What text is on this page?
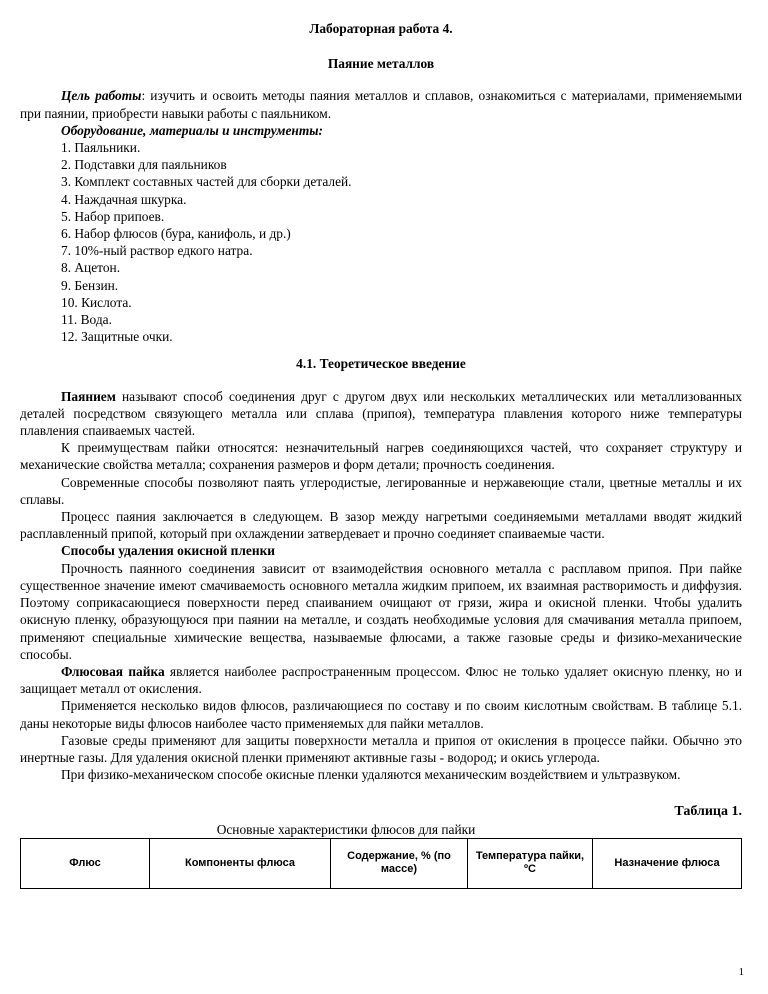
Лабораторная работа 4.
Паяние металлов

Цель работы: изучить и освоить методы паяния металлов и сплавов, ознакомиться с материалами, применяемыми при паянии, приобрести навыки работы с паяльником.

Оборудование, материалы и инструменты:
1. Паяльники.
2. Подставки для паяльников
3. Комплект составных частей для сборки деталей.
4. Наждачная шкурка.
5. Набор припоев.
6. Набор флюсов (бура, канифоль, и др.)
7. 10%-ный раствор едкого натра.
8. Ацетон.
9. Бензин.
10. Кислота.
11. Вода.
12. Защитные очки.
4.1. Теоретическое введение

Паянием называют способ соединения друг с другом двух или нескольких металлических или металлизованных деталей посредством связующего металла или сплава (припоя), температура плавления которого ниже температуры плавления спаиваемых частей.

К преимуществам пайки относятся: незначительный нагрев соединяющихся частей, что сохраняет структуру и механические свойства металла; сохранения размеров и форм детали; прочность соединения.

Современные способы позволяют паять углеродистые, легированные и нержавеющие стали, цветные металлы и их сплавы.

Процесс паяния заключается в следующем. В зазор между нагретыми соединяемыми металлами вводят жидкий расплавленный припой, который при охлаждении затвердевает и прочно соединяет спаиваемые части.

Способы удаления окисной пленки

Прочность паянного соединения зависит от взаимодействия основного металла с расплавом припоя. При пайке существенное значение имеют смачиваемость основного металла жидким припоем, их взаимная растворимость и диффузия. Поэтому соприкасающиеся поверхности перед спаиванием очищают от грязи, жира и окисной пленки. Чтобы удалить окисную пленку, образующуюся при паянии на металле, и создать необходимые условия для смачивания металла припоем, применяют специальные химические вещества, называемые флюсами, а также газовые среды и физико-механические способы.

Флюсовая пайка является наиболее распространенным процессом. Флюс не только удаляет окисную пленку, но и защищает металл от окисления.

Применяется несколько видов флюсов, различающиеся по составу и по своим кислотным свойствам. В таблице 5.1. даны некоторые виды флюсов наиболее часто применяемых для пайки металлов.

Газовые среды применяют для защиты поверхности металла и припоя от окисления в процессе пайки. Обычно это инертные газы. Для удаления окисной пленки применяют активные газы - водород; и окись углерода.

При физико-механическом способе окисные пленки удаляются механическим воздействием и ультразвуком.

Таблица 1.
Основные характеристики флюсов для пайки
Флюс	Компоненты флюса	Содержание, % (по массе)	Температура пайки, ºС	Назначение флюса
1
